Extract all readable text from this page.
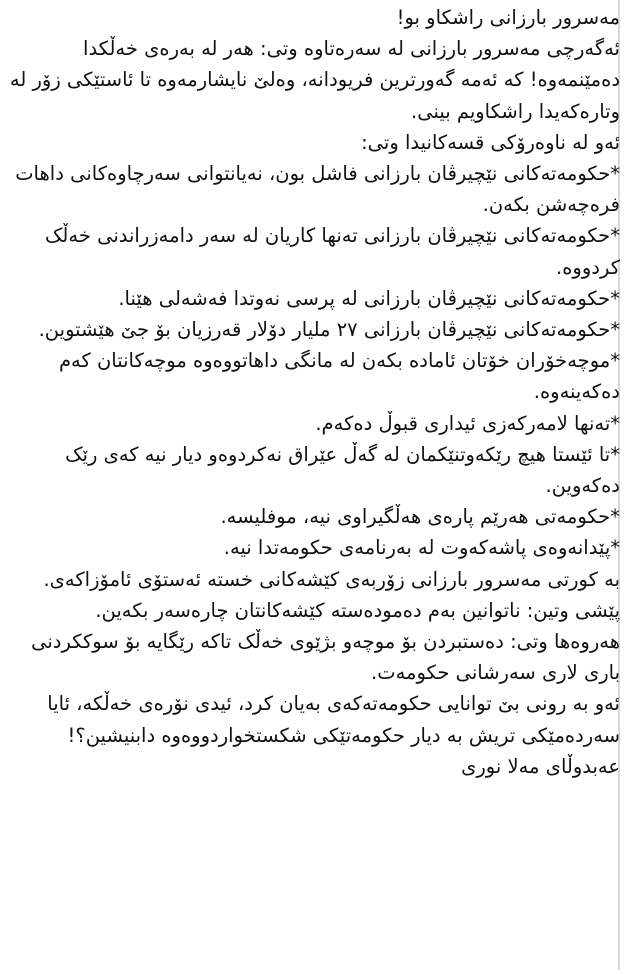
مەسرور بارزانی راشکاو بو!

ئەگەرچی مەسرور بارزانی لە سەرەتاوە وتی: هەر لە بەرەی خەڵکدا دەمێنمەوە! کە ئەمە گەورترین فریودانە، وەلێ نایشارمەوە تا ئاستێکی زۆر لە وتارەکەیدا راشکاویم بینی.

ئەو لە ناوەرۆکی قسەکانیدا وتی:

*حکومەتەکانی نێچیرڤان بارزانی فاشل بون، نەیانتوانی سەرچاوەکانی داهات فرەچەشن بکەن.

*حکومەتەکانی نێچیرڤان بارزانی تەنها کاریان لە سەر دامەزراندنی خەڵک کردووە.

*حکومەتەکانی نێچیرڤان بارزانی لە پرسی نەوتدا فەشەلی هێنا.

*حکومەتەکانی نێچیرڤان بارزانی ٢٧ ملیار دۆلار قەرزیان بۆ جێ هێشتوین.

*موچەخۆران خۆتان ئامادە بکەن لە مانگی داهاتووەوە موچەکانتان کەم دەکەینەوە.

*تەنها لامەرکەزی ئیداری قبوڵ دەکەم.

*تا ئێستا هیچ رێکەوتنێکمان لە گەڵ عێراق نەکردوەو دیار نیە کەی رێک دەکەوین.

*حکومەتی هەرێم پارەی هەڵگیراوی نیە، موفلیسە.

*پێدانەوەی پاشەکەوت لە بەرنامەی حکومەتدا نیە.

بە کورتی مەسرور بارزانی زۆربەی کێشەکانی خستە ئەستۆی ئامۆزاکەی.

پێشی وتین: ناتوانین بەم دەمودەستە کێشەکانتان چارەسەر بکەین.

هەروەها وتی: دەستبردن بۆ موچەو بژێوی خەڵک تاکە رێگایە بۆ سوککردنی باری لاری سەرشانی حکومەت.

ئەو بە رونی بێ توانایی حکومەتەکەی بەیان کرد، ئیدی نۆرەی خەڵکە، ئایا سەردەمێکی تریش بە دیار حکومەتێکی شکستخواردووەوە دابنیشین؟!

عەبدوڵای مەلا نوری
